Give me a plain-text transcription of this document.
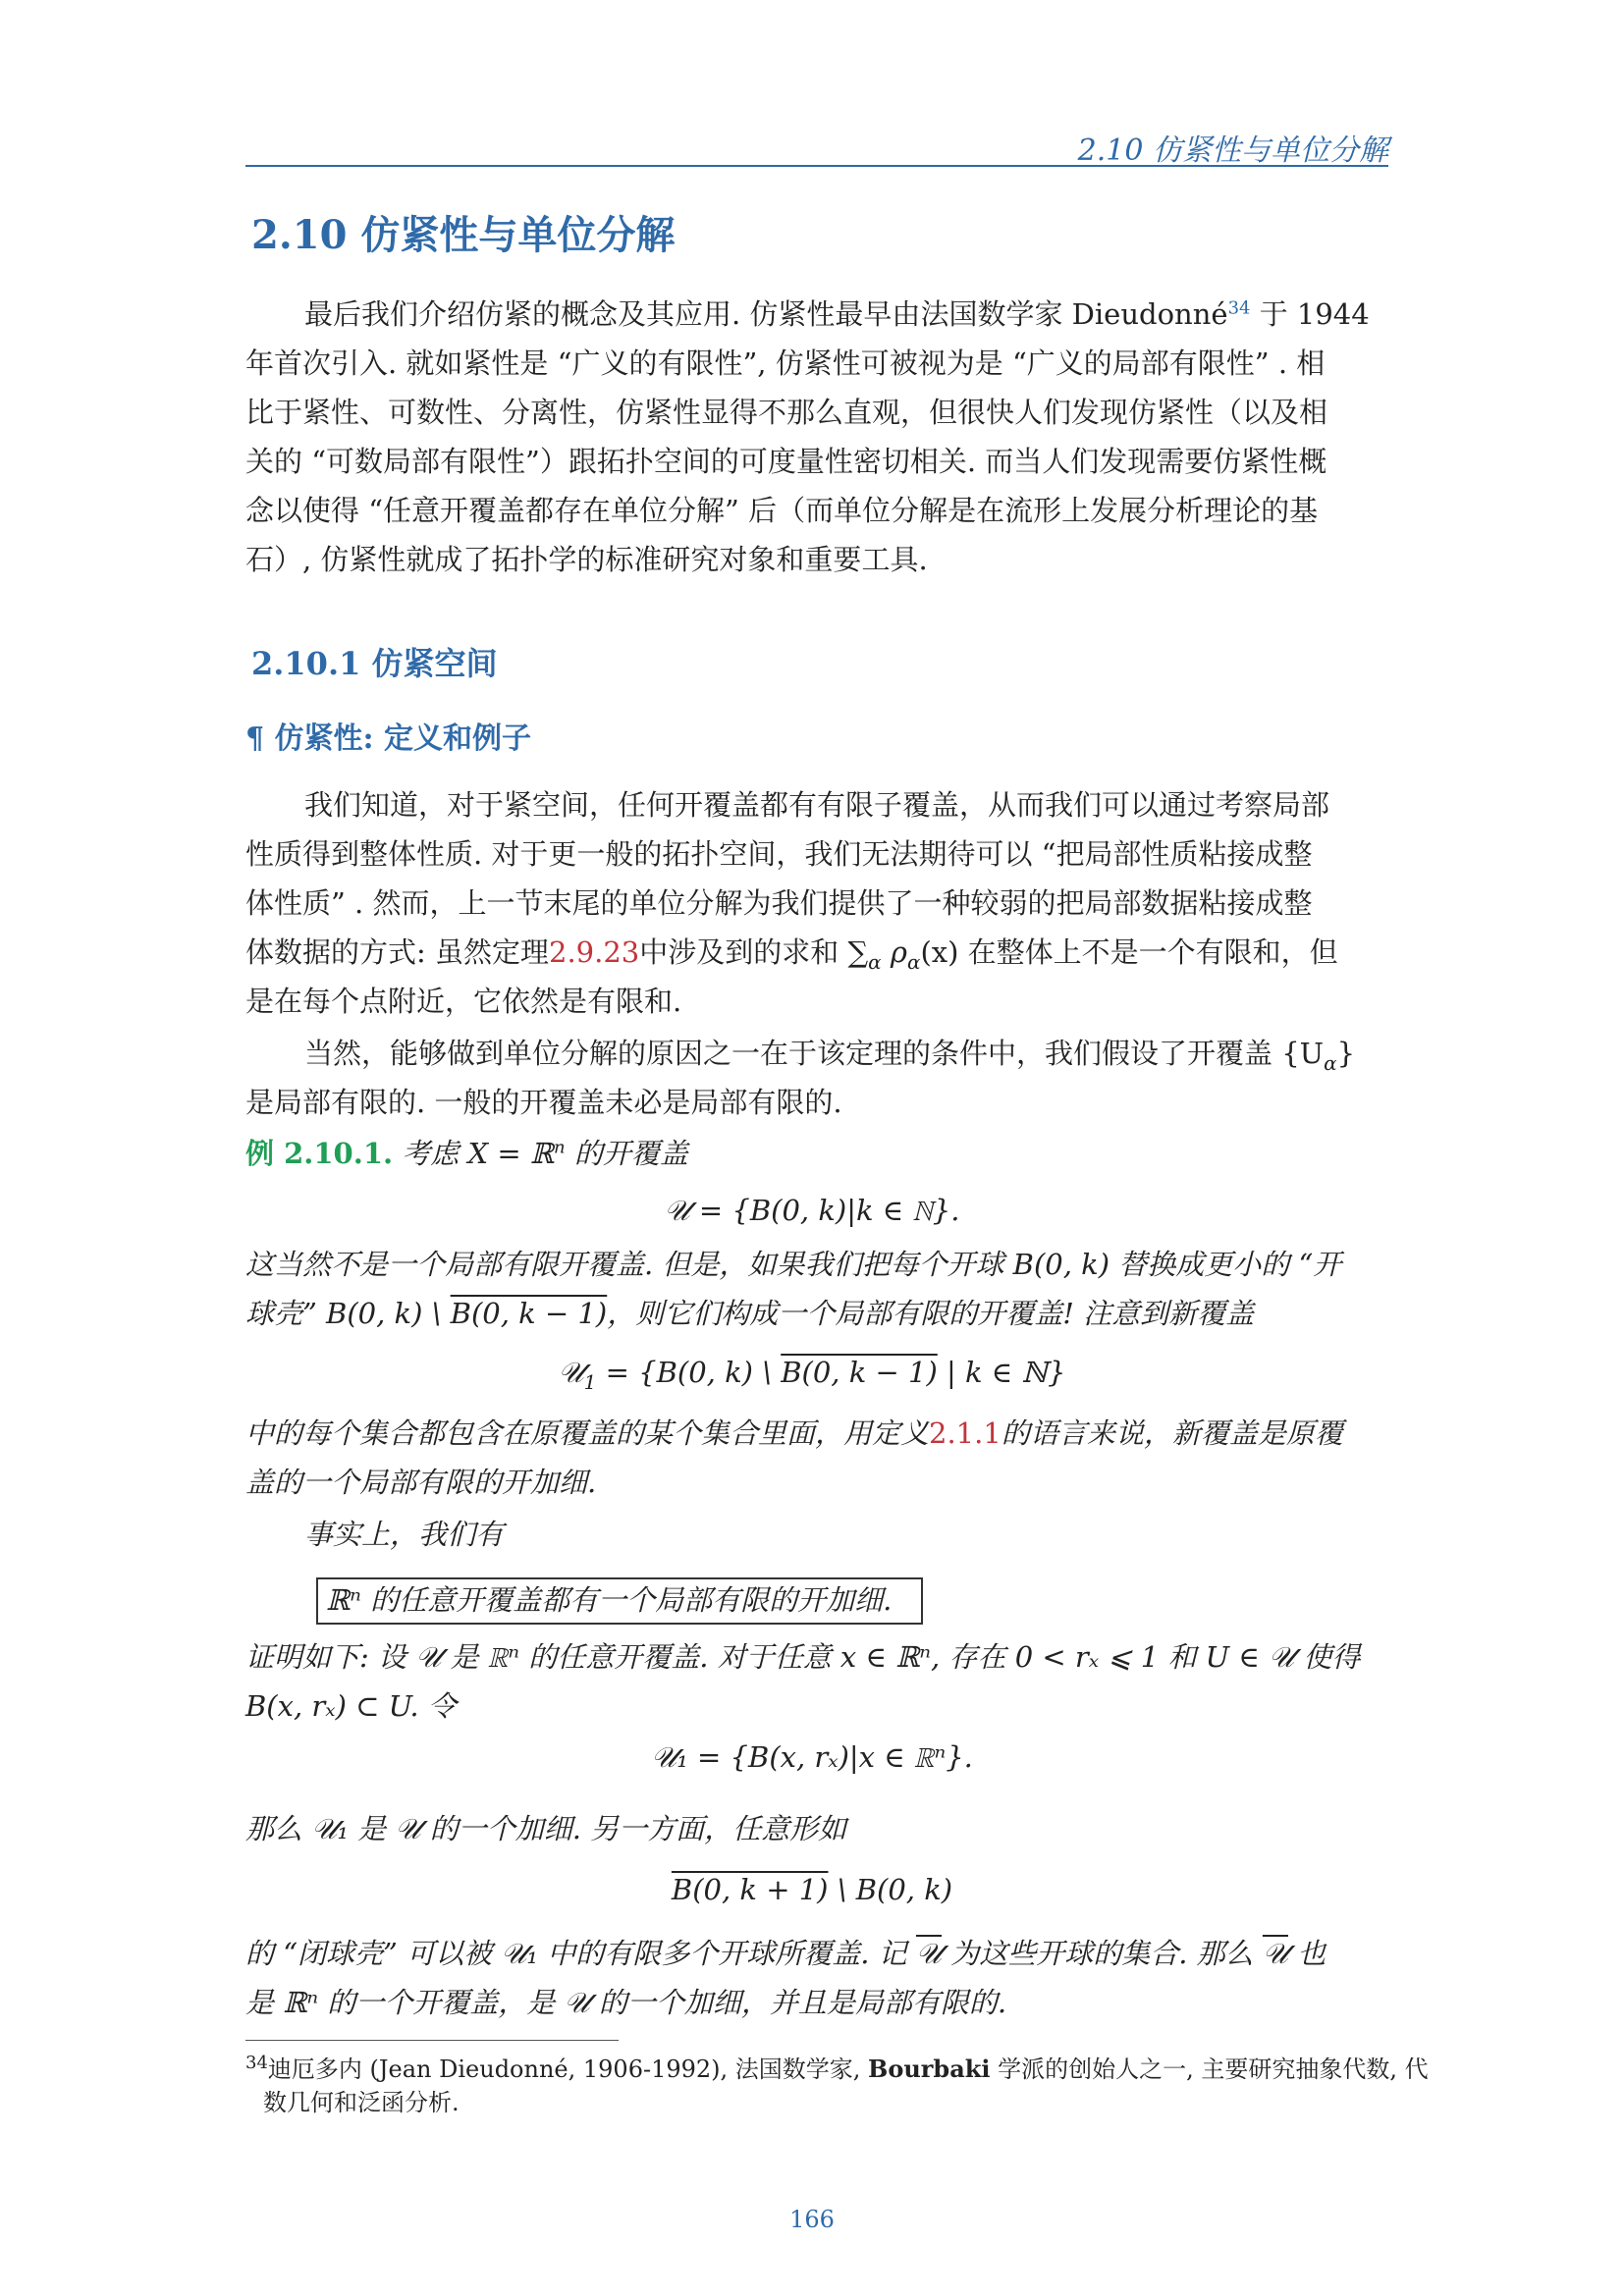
2.10 仿紧性与单位分解
2.10 仿紧性与单位分解
最后我们介绍仿紧的概念及其应用. 仿紧性最早由法国数学家 Dieudonné$^{34}$ 于 1944
年首次引入. 就如紧性是 “广义的有限性”, 仿紧性可被视为是 “广义的局部有限性” . 相
比于紧性、可数性、分离性，仿紧性显得不那么直观，但很快人们发现仿紧性（以及相
关的 “可数局部有限性”）跟拓扑空间的可度量性密切相关. 而当人们发现需要仿紧性概
念以使得 “任意开覆盖都存在单位分解” 后（而单位分解是在流形上发展分析理论的基
石）, 仿紧性就成了拓扑学的标准研究对象和重要工具.
2.10.1 仿紧空间
¶ 仿紧性: 定义和例子
我们知道，对于紧空间，任何开覆盖都有有限子覆盖，从而我们可以通过考察局部
性质得到整体性质. 对于更一般的拓扑空间，我们无法期待可以 “把局部性质粘接成整
体性质” . 然而，上一节末尾的单位分解为我们提供了一种较弱的把局部数据粘接成整
体数据的方式: 虽然定理2.9.23中涉及到的求和 $\sum_\alpha$ $\rho_\alpha(x)$ 在整体上不是一个有限和，但
是在每个点附近，它依然是有限和.
当然，能够做到单位分解的原因之一在于该定理的条件中，我们假设了开覆盖 $\{U_\alpha\}$
是局部有限的. 一般的开覆盖未必是局部有限的.
例 2.10.1. 考虑 X = ℝ$^n$ 的开覆盖
𝒰 = {B(0, k)|k ∈ ℕ}.
这当然不是一个局部有限开覆盖. 但是，如果我们把每个开球 B(0, k) 替换成更小的 “开
球壳” B(0, k) \ B(0, k − 1)，则它们构成一个局部有限的开覆盖! 注意到新覆盖
𝒰$_1$ = {B(0, k) \ B(0, k − 1) | k ∈ ℕ}
中的每个集合都包含在原覆盖的某个集合里面，用定义2.1.1的语言来说，新覆盖是原覆
盖的一个局部有限的开加细.
事实上，我们有
ℝⁿ 的任意开覆盖都有一个局部有限的开加细.
证明如下: 设 𝒰 是 ℝⁿ 的任意开覆盖. 对于任意 x ∈ ℝⁿ, 存在 0 < rₓ ⩽ 1 和 U ∈ 𝒰 使得
B(x, rₓ) ⊂ U. 令
𝒰₁ = {B(x, rₓ)|x ∈ ℝⁿ}.
那么 𝒰₁ 是 𝒰 的一个加细. 另一方面，任意形如
B(0, k + 1) \ B(0, k)
的 “闭球壳” 可以被 𝒰₁ 中的有限多个开球所覆盖. 记 𝒰 为这些开球的集合. 那么 𝒰 也
是 ℝⁿ 的一个开覆盖，是 𝒰 的一个加细，并且是局部有限的.
$^{34}$迪厄多内 (Jean Dieudonné, 1906-1992), 法国数学家, Bourbaki 学派的创始人之一, 主要研究抽象代数, 代
数几何和泛函分析.
166
